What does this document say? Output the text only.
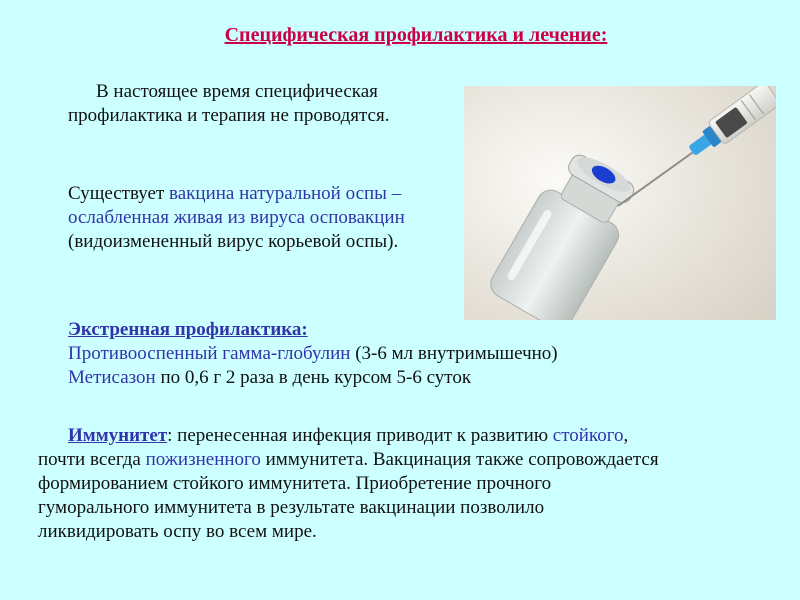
Специфическая профилактика и лечение:
В настоящее время специфическая
профилактика и терапия не проводятся.
Существует вакцина натуральной оспы –
ослабленная живая из вируса осповакцин
(видоизмененный вирус корьевой оспы).
Экстренная профилактика:
Противооспенный гамма-глобулин (3-6 мл внутримышечно)
Метисазон по 0,6 г 2 раза в день курсом 5-6 суток
Иммунитет: перенесенная инфекция приводит к развитию стойкого,
почти всегда пожизненного иммунитета. Вакцинация также сопровождается
формированием стойкого иммунитета. Приобретение прочного
гуморального иммунитета в результате вакцинации позволило
ликвидировать оспу во всем мире.
